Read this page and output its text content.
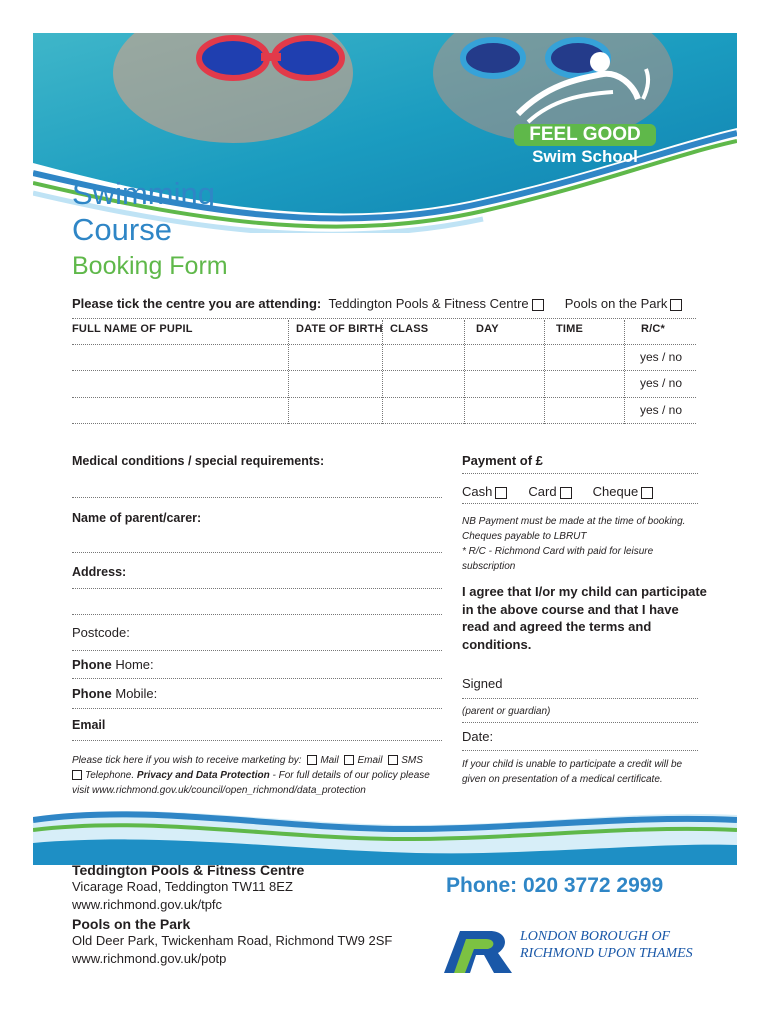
FEEL GOOD
Swim School
Swimming
Course
Booking Form
Please tick the centre you are attending: Teddington Pools & Fitness Centre	Pools on the Park
FULL NAME OF PUPIL	DATE OF BIRTH CLASS	DAY	TIME	R/C*
yes / no
yes / no
yes / no
Medical conditions / special requirements:
Name of parent/carer:
Address:
Postcode:
Phone Home:
Phone Mobile:
Email
Please tick here if you wish to receive marketing by: Mail Email SMS
Telephone. Privacy and Data Protection - For full details of our policy please
visit www.richmond.gov.uk/council/open_richmond/data_protection
Payment of £
Cash	Card	Cheque
NB Payment must be made at the time of booking.
Cheques payable to LBRUT
* R/C - Richmond Card with paid for leisure
subscription
I agree that I/or my child can participate in the above course and that I have read and agreed the terms and conditions.
Signed
(parent or guardian)
Date:
If your child is unable to participate a credit will be
given on presentation of a medical certificate.
Teddington Pools & Fitness Centre
Vicarage Road, Teddington TW11 8EZ
www.richmond.gov.uk/tpfc
Pools on the Park
Old Deer Park, Twickenham Road, Richmond TW9 2SF
www.richmond.gov.uk/potp
Phone: 020 3772 2999
LONDON BOROUGH OF
RICHMOND UPON THAMES
